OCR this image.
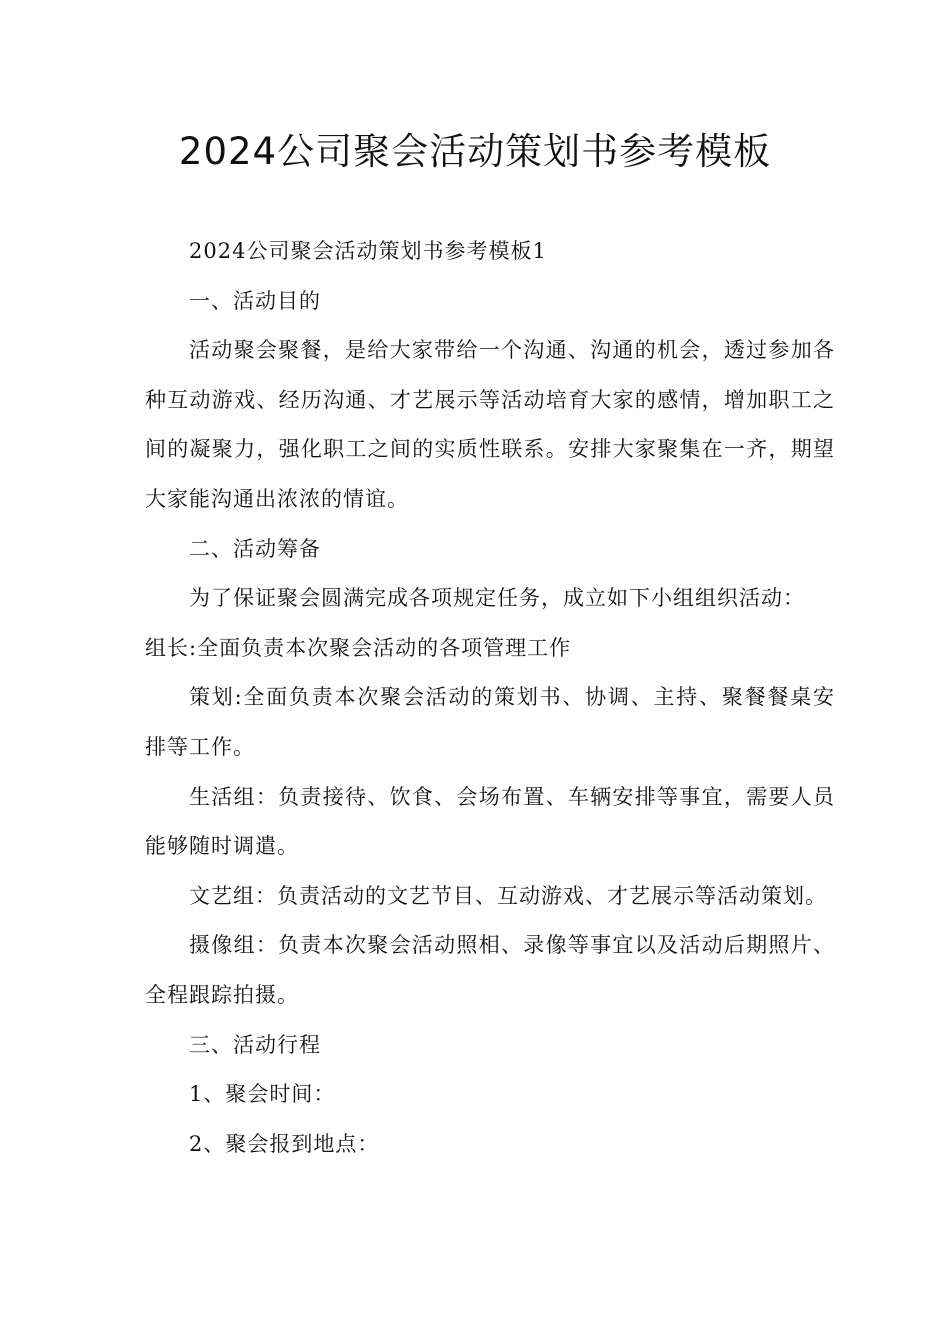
2024公司聚会活动策划书参考模板

2024公司聚会活动策划书参考模板1

一、活动目的

活动聚会聚餐，是给大家带给一个沟通、沟通的机会，透过参加各种互动游戏、经历沟通、才艺展示等活动培育大家的感情，增加职工之间的凝聚力，强化职工之间的实质性联系。安排大家聚集在一齐，期望大家能沟通出浓浓的情谊。

二、活动筹备

为了保证聚会圆满完成各项规定任务，成立如下小组组织活动：

组长:全面负责本次聚会活动的各项管理工作

策划:全面负责本次聚会活动的策划书、协调、主持、聚餐餐桌安排等工作。

生活组：负责接待、饮食、会场布置、车辆安排等事宜，需要人员能够随时调遣。

文艺组：负责活动的文艺节目、互动游戏、才艺展示等活动策划。

摄像组：负责本次聚会活动照相、录像等事宜以及活动后期照片、全程跟踪拍摄。

三、活动行程

1、聚会时间：

2、聚会报到地点：
